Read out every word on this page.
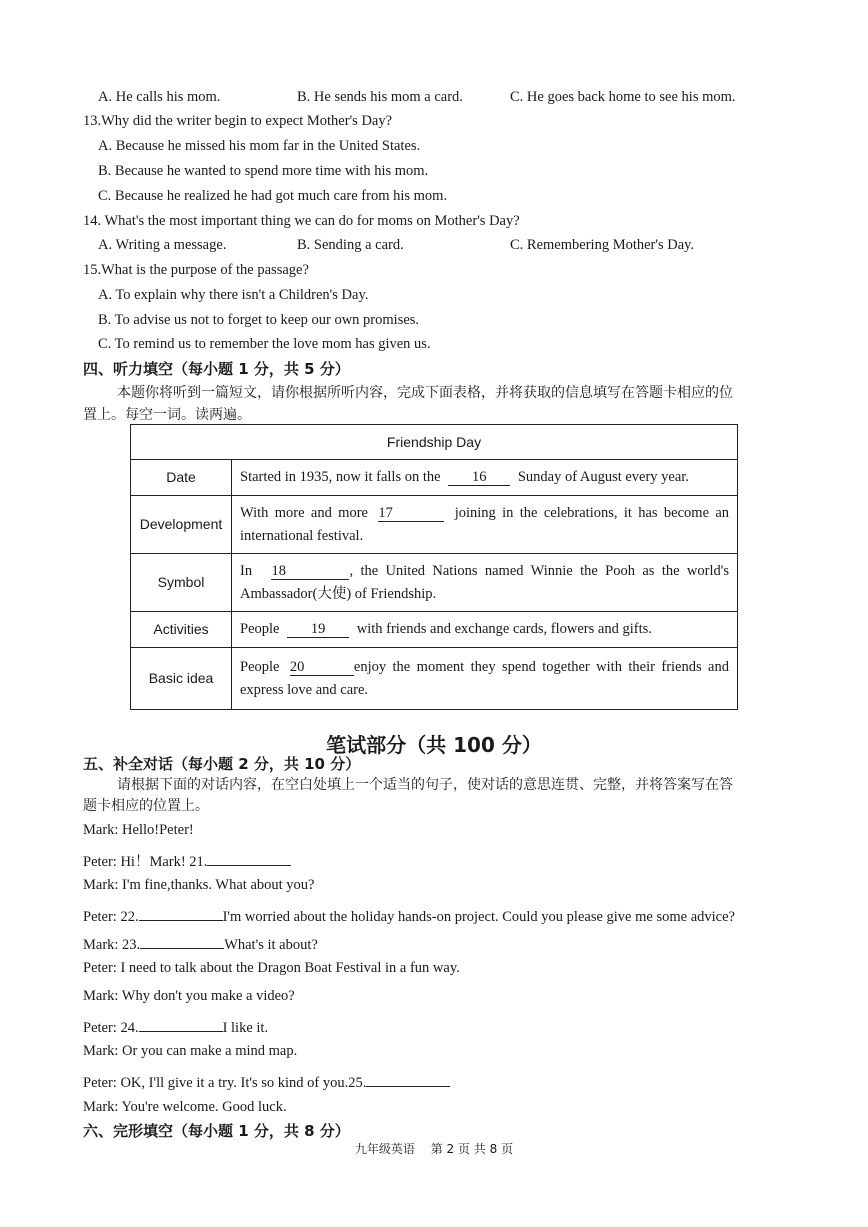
A. He calls his mom.	B. He sends his mom a card.	C. He goes back home to see his mom.
13.Why did the writer begin to expect Mother's Day?
A. Because he missed his mom far in the United States.
B. Because he wanted to spend more time with his mom.
C. Because he realized he had got much care from his mom.
14. What's the most important thing we can do for moms on Mother's Day?
A. Writing a message.	B. Sending a card.	C. Remembering Mother's Day.
15.What is the purpose of the passage?
A. To explain why there isn't a Children's Day.
B. To advise us not to forget to keep our own promises.
C. To remind us to remember the love mom has given us.
四、听力填空（每小题 1 分，共 5 分）
本题你将听到一篇短文，请你根据所听内容，完成下面表格，并将获取的信息填写在答题卡相应的位
置上。每空一词。读两遍。
Friendship Day	
Date	Started in 1935, now it falls on the 16 Sunday of August every year.
Development	With more and more 17 joining in the celebrations, it has become an international festival.
Symbol	In 18 , the United Nations named Winnie the Pooh as the world's Ambassador(大使) of Friendship.
Activities	People 19 with friends and exchange cards, flowers and gifts.
Basic idea	People 20 enjoy the moment they spend together with their friends and express love and care.
笔试部分（共 100 分）
五、补全对话（每小题 2 分，共 10 分）
请根据下面的对话内容，在空白处填上一个适当的句子，使对话的意思连贯、完整，并将答案写在答
题卡相应的位置上。
Mark: Hello!Peter!
Peter: Hi！Mark! 21.
Mark: I'm fine,thanks. What about you?
Peter: 22.	I'm worried about the holiday hands-on project. Could you please give me some advice?
Mark: 23.	What's it about?
Peter: I need to talk about the Dragon Boat Festival in a fun way.
Mark: Why don't you make a video?
Peter: 24.	I like it.
Mark: Or you can make a mind map.
Peter: OK, I'll give it a try. It's so kind of you.25.
Mark: You're welcome. Good luck.
六、完形填空（每小题 1 分，共 8 分）
九年级英语　 第 2 页 共 8 页
